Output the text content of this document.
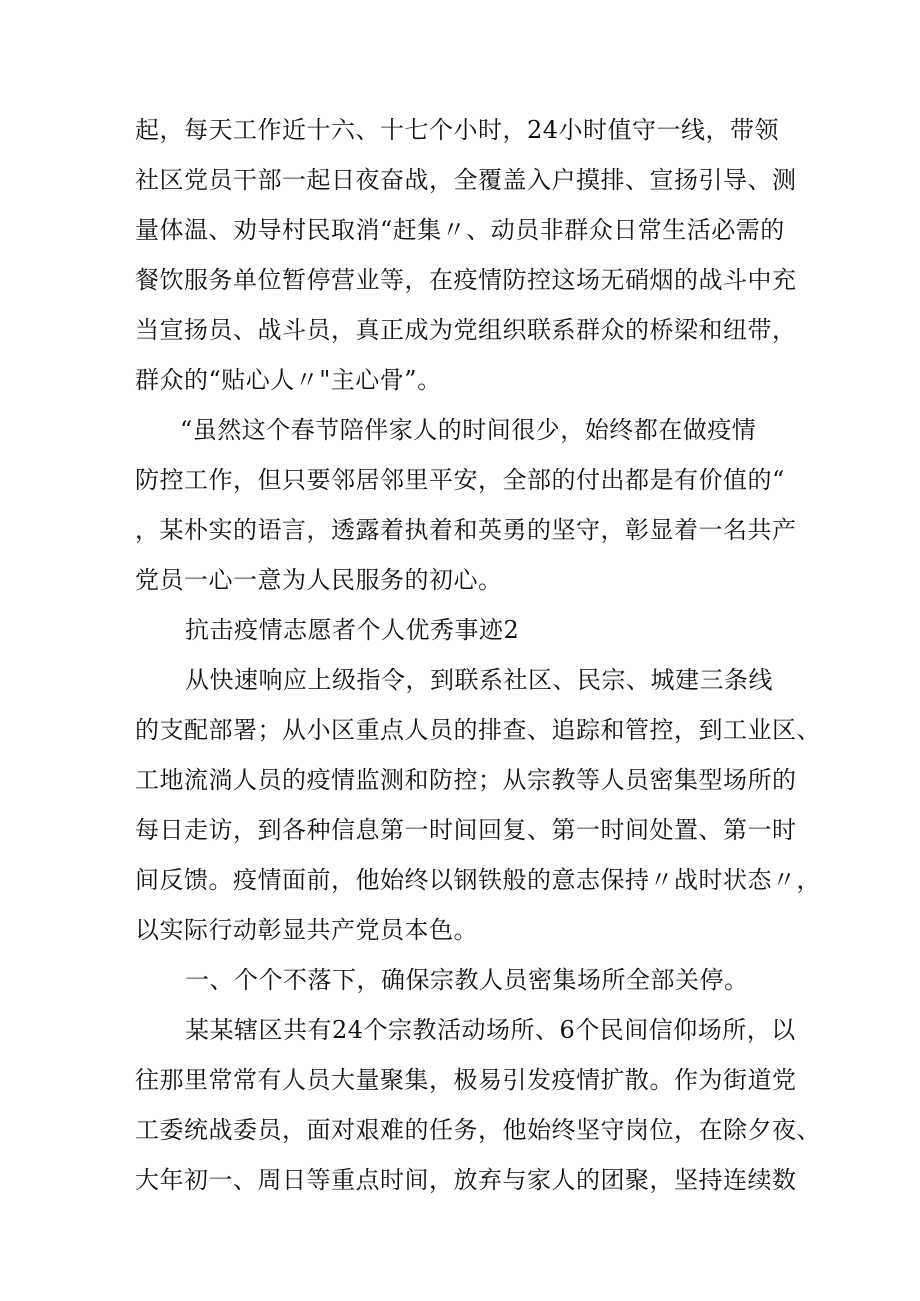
起，每天工作近十六、十七个小时，24小时值守一线，带领
社区党员干部一起日夜奋战，全覆盖入户摸排、宣扬引导、测
量体温、劝导村民取消“赶集〃、动员非群众日常生活必需的
餐饮服务单位暂停营业等，在疫情防控这场无硝烟的战斗中充
当宣扬员、战斗员，真正成为党组织联系群众的桥梁和纽带，
群众的“贴心人〃"主心骨”。
“虽然这个春节陪伴家人的时间很少，始终都在做疫情
防控工作，但只要邻居邻里平安，全部的付出都是有价值的“
，某朴实的语言，透露着执着和英勇的坚守，彰显着一名共产
党员一心一意为人民服务的初心。
抗击疫情志愿者个人优秀事迹2
从快速响应上级指令，到联系社区、民宗、城建三条线
的支配部署；从小区重点人员的排查、追踪和管控，到工业区、
工地流淌人员的疫情监测和防控；从宗教等人员密集型场所的
每日走访，到各种信息第一时间回复、第一时间处置、第一时
间反馈。疫情面前，他始终以钢铁般的意志保持〃战时状态〃，
以实际行动彰显共产党员本色。
一、个个不落下，确保宗教人员密集场所全部关停。
某某辖区共有24个宗教活动场所、6个民间信仰场所，以
往那里常常有人员大量聚集，极易引发疫情扩散。作为街道党
工委统战委员，面对艰难的任务，他始终坚守岗位，在除夕夜、
大年初一、周日等重点时间，放弃与家人的团聚，坚持连续数
